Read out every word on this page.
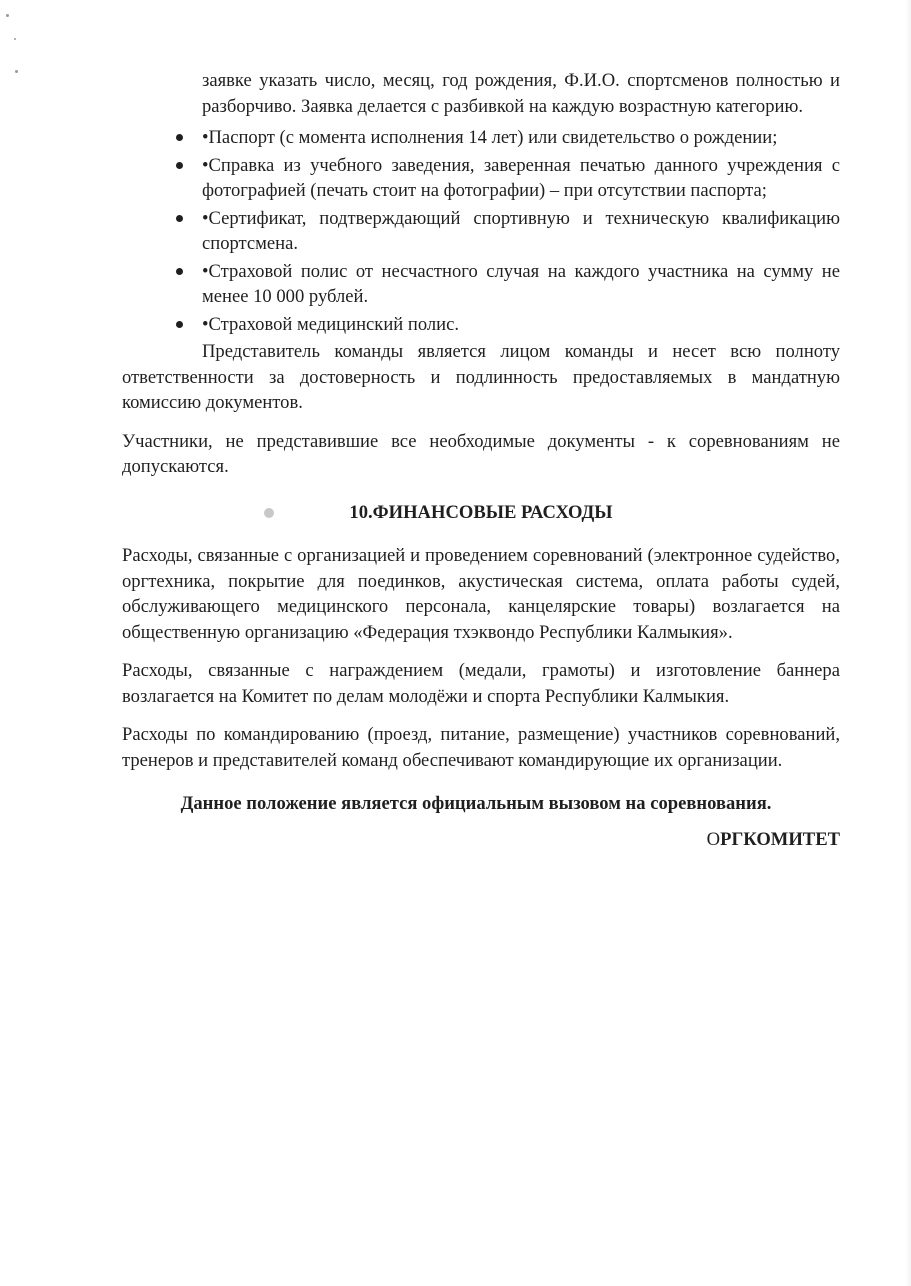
заявке указать число, месяц, год рождения, Ф.И.О. спортсменов полностью и разборчиво. Заявка делается с разбивкой на каждую возрастную категорию.

•Паспорт (с момента исполнения 14 лет) или свидетельство о рождении;
•Справка из учебного заведения, заверенная печатью данного учреждения с фотографией (печать стоит на фотографии) – при отсутствии паспорта;
•Сертификат, подтверждающий спортивную и техническую квалификацию спортсмена.
•Страховой полис от несчастного случая на каждого участника на сумму не менее 10 000 рублей.
•Страховой медицинский полис.

Представитель команды является лицом команды и несет всю полноту ответственности за достоверность и подлинность предоставляемых в мандатную комиссию документов.

Участники, не представившие все необходимые документы - к соревнованиям не допускаются.

10.ФИНАНСОВЫЕ РАСХОДЫ

Расходы, связанные с организацией и проведением соревнований (электронное судейство, оргтехника, покрытие для поединков, акустическая система, оплата работы судей, обслуживающего медицинского персонала, канцелярские товары) возлагается на общественную организацию «Федерация тхэквондо Республики Калмыкия».

Расходы, связанные с награждением (медали, грамоты) и изготовление баннера возлагается на Комитет по делам молодёжи и спорта Республики Калмыкия.

Расходы по командированию (проезд, питание, размещение) участников соревнований, тренеров и представителей команд обеспечивают командирующие их организации.

Данное положение является официальным вызовом на соревнования.

ОРГКОМИТЕТ
